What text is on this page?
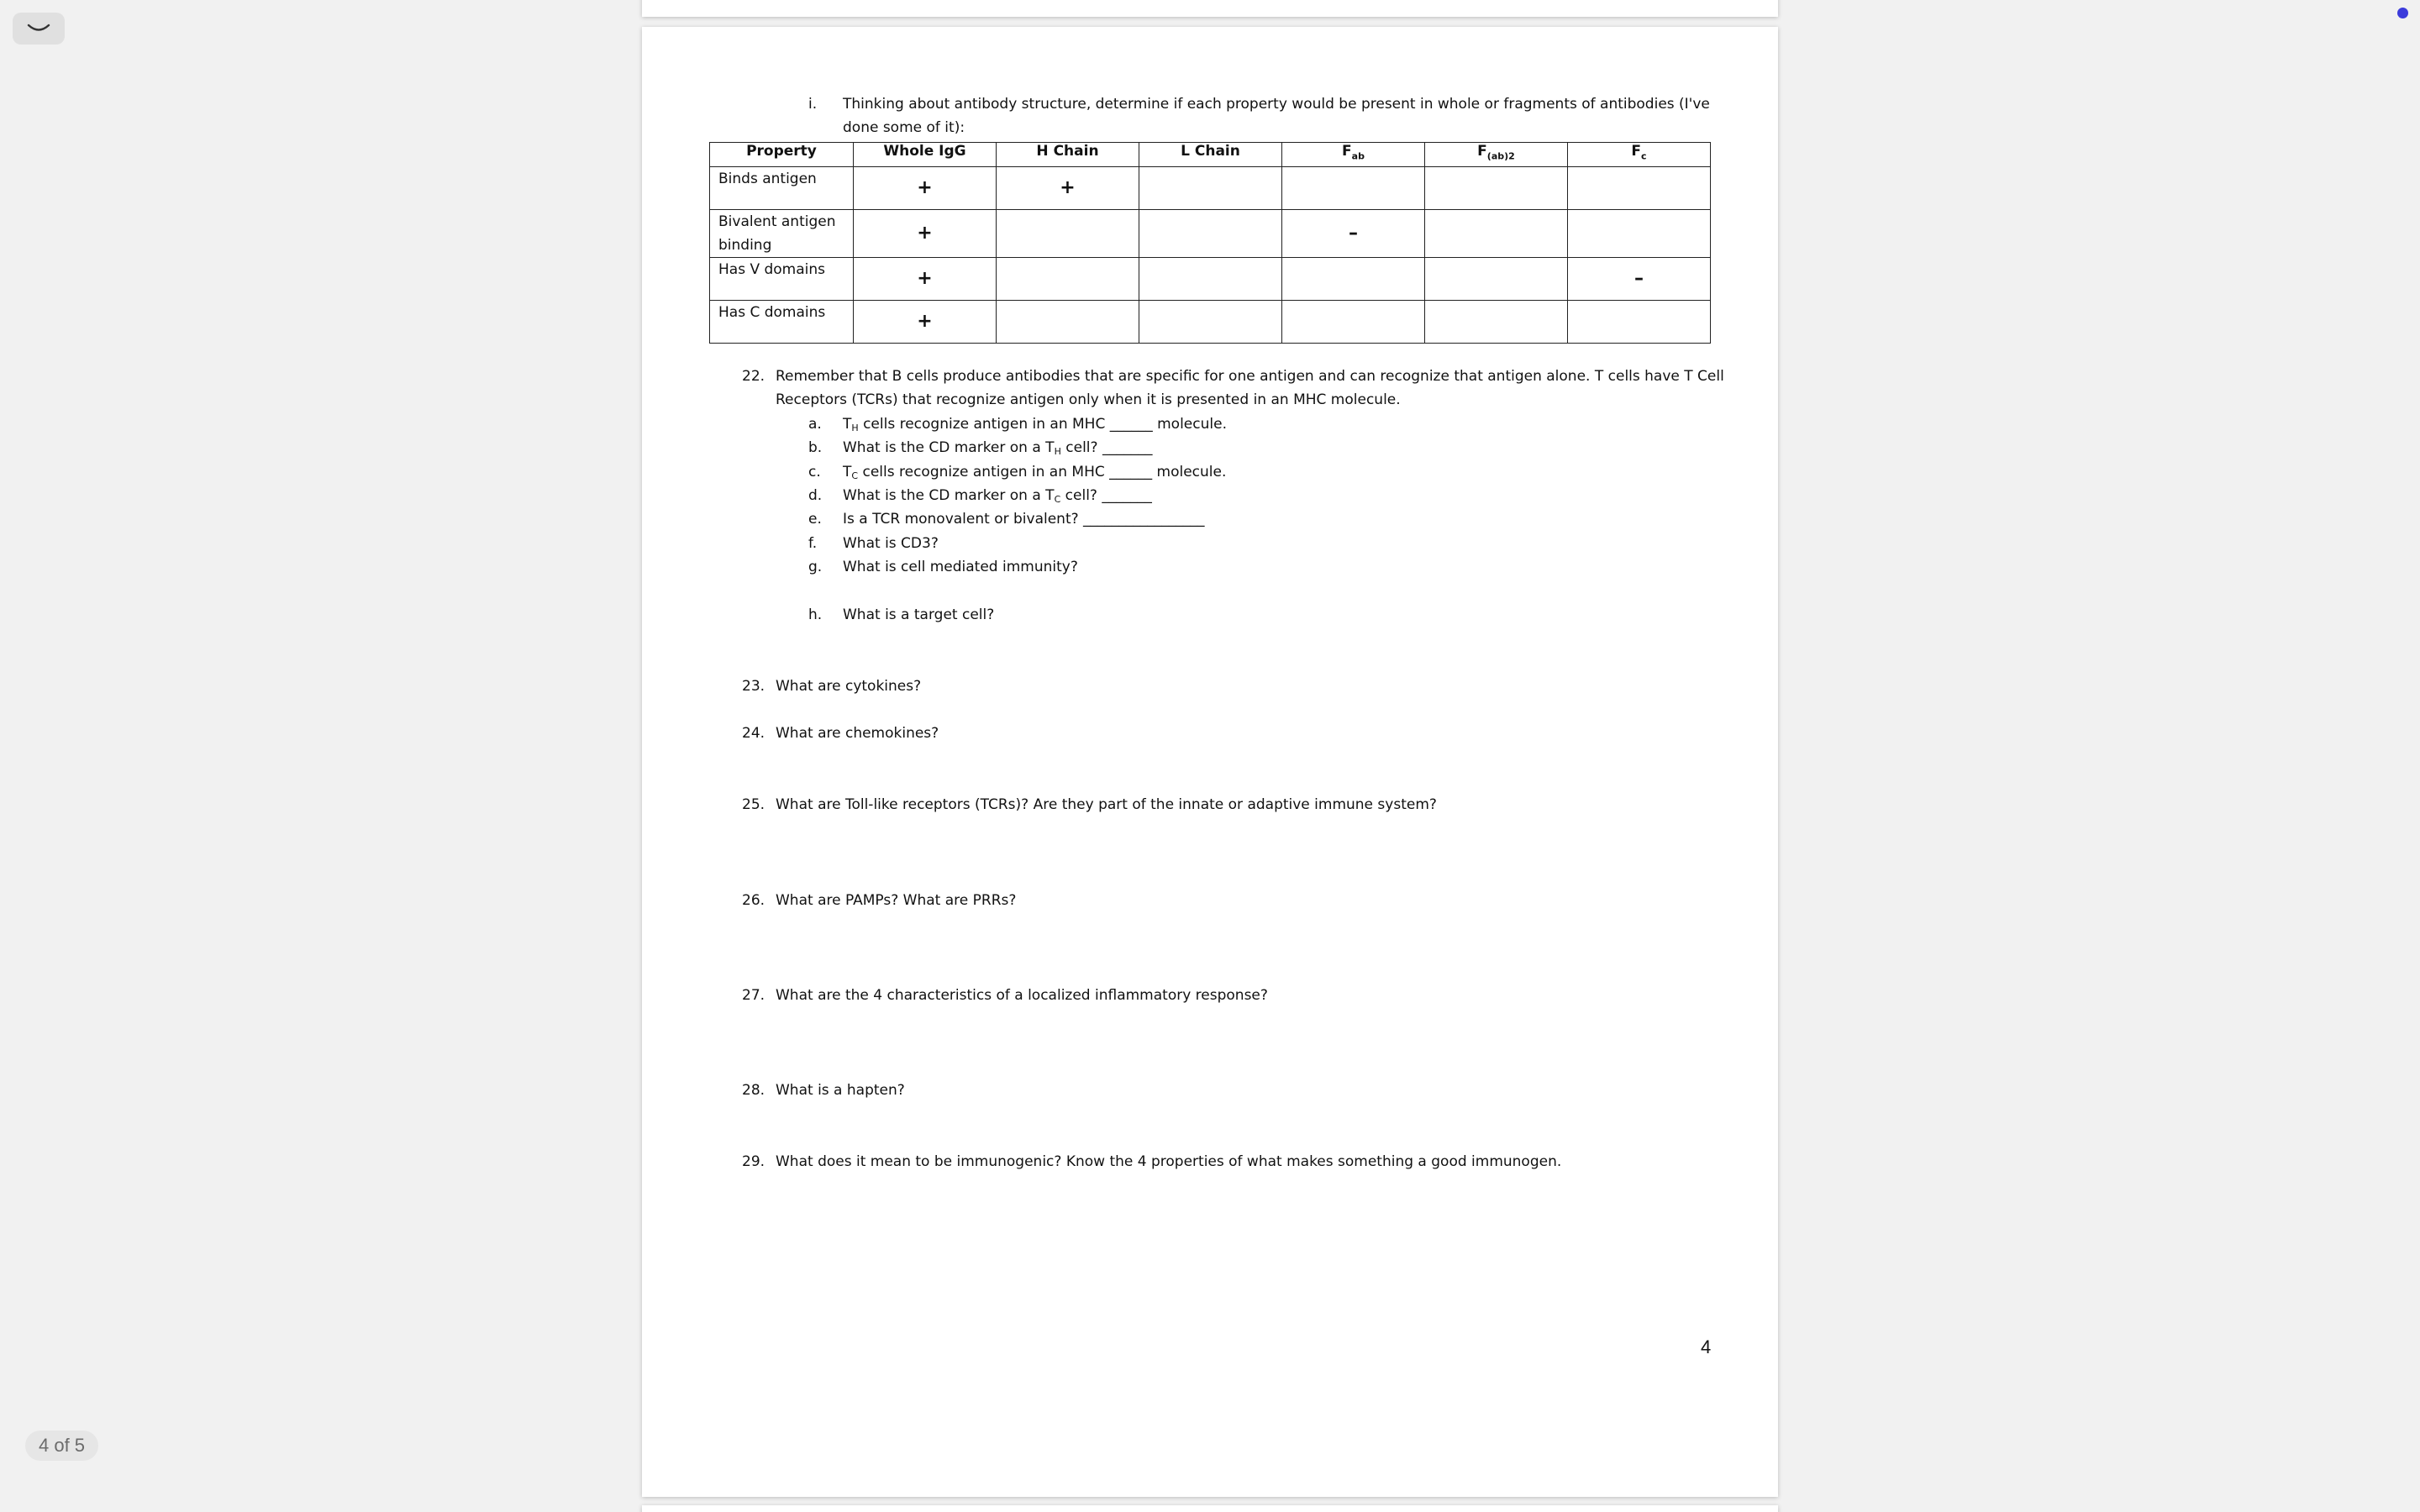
i. Thinking about antibody structure, determine if each property would be present in whole or fragments of antibodies (I've
done some of it):
Property	Whole IgG	H Chain	L Chain	$F_{ab}$	$F_{(ab)2}$	$F_c$
Binds antigen	+	+				
Bivalent antigen binding	+			–		
Has V domains	+					–
Has C domains	+					
22. Remember that B cells produce antibodies that are specific for one antigen and can recognize that antigen alone. T cells have T Cell
Receptors (TCRs) that recognize antigen only when it is presented in an MHC molecule.
a. TH cells recognize antigen in an MHC ______ molecule.
b. What is the CD marker on a TH cell? _______
c. TC cells recognize antigen in an MHC ______ molecule.
d. What is the CD marker on a TC cell? _______
e. Is a TCR monovalent or bivalent? _________________
f. What is CD3?
g. What is cell mediated immunity?
h. What is a target cell?
23. What are cytokines?
24. What are chemokines?
25. What are Toll-like receptors (TCRs)? Are they part of the innate or adaptive immune system?
26. What are PAMPs? What are PRRs?
27. What are the 4 characteristics of a localized inflammatory response?
28. What is a hapten?
29. What does it mean to be immunogenic? Know the 4 properties of what makes something a good immunogen.
4
4 of 5
